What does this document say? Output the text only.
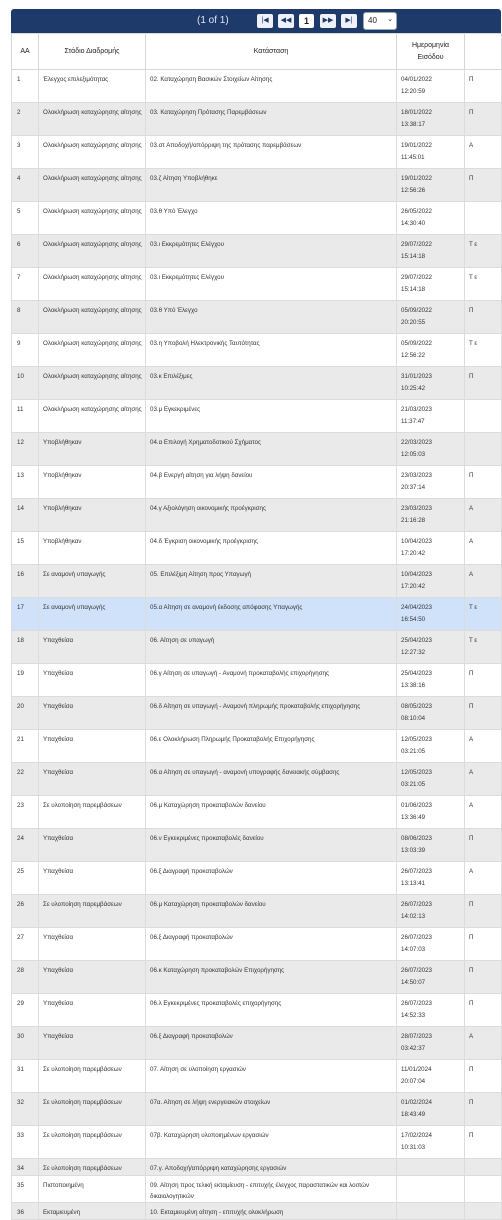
(1 of 1)	|◀	◀◀	1	▶▶	▶|	40 ⌄
ΑΑ	Στάδιο Διαδρομής	Κατάσταση	Ημερομηνία Εισόδου	
1	Έλεγχος επιλεξιμότητας	02. Καταχώρηση Βασικών Στοιχείων Αίτησης	04/01/2022
12:20:59	Π
2	Ολοκλήρωση καταχώρησης αίτησης	03. Καταχώρηση Πρότασης Παρεμβάσεων	18/01/2022
13:38:17	Π
3	Ολοκλήρωση καταχώρησης αίτησης	03.στ Αποδοχή/απόρριψη της πρότασης παρεμβάσεων	19/01/2022
11:45:01	Α
4	Ολοκλήρωση καταχώρησης αίτησης	03.ζ Αίτηση Υποβλήθηκε	19/01/2022
12:56:26	Π
5	Ολοκλήρωση καταχώρησης αίτησης	03.θ Υπό Έλεγχο	26/05/2022
14:30:40	

6	Ολοκλήρωση καταχώρησης αίτησης	03.ι Εκκρεμότητες Ελέγχου	29/07/2022
15:14:18	Τ ε
7	Ολοκλήρωση καταχώρησης αίτησης	03.ι Εκκρεμότητες Ελέγχου	29/07/2022
15:14:18	Τ ε
8	Ολοκλήρωση καταχώρησης αίτησης	03.θ Υπό Έλεγχο	05/09/2022
20:20:55	Π
9	Ολοκλήρωση καταχώρησης αίτησης	03.η Υποβολή Ηλεκτρονικής Ταυτότητας	05/09/2022
12:56:22	Τ ε
10	Ολοκλήρωση καταχώρησης αίτησης	03.κ Επιλέξιμες	31/01/2023
10:25:42	Π
11	Ολοκλήρωση καταχώρησης αίτησης	03.μ Εγκεκριμένες	21/03/2023
11:37:47	

12	Υποβλήθηκαν	04.α Επιλογή Χρηματοδοτικού Σχήματος	22/03/2023
12:05:03	

13	Υποβλήθηκαν	04.β Ενεργή αίτηση για λήψη δανείου	23/03/2023
20:37:14	Π
14	Υποβλήθηκαν	04.γ Αξιολόγηση οικονομικής προέγκρισης	23/03/2023
21:16:28	Α
15	Υποβλήθηκαν	04.δ Έγκριση οικονομικής προέγκρισης	10/04/2023
17:20:42	Α
16	Σε αναμονή υπαγωγής	05. Επιλέξιμη Αίτηση προς Υπαγωγή	10/04/2023
17:20:42	Α
17	Σε αναμονή υπαγωγής	05.α Αίτηση σε αναμονή έκδοσης απόφασης Υπαγωγής	24/04/2023
16:54:50	Τ ε
18	Υπαχθείσα	06. Αίτηση σε υπαγωγή	25/04/2023
12:27:32	Τ ε
19	Υπαχθείσα	06.γ Αίτηση σε υπαγωγή - Αναμονή προκαταβολής επιχορήγησης	25/04/2023
13:38:16	Π
20	Υπαχθείσα	06.δ Αίτηση σε υπαγωγή - Αναμονή πληρωμής προκαταβολής επιχορήγησης	08/05/2023
08:10:04	Π
21	Υπαχθείσα	06.ε Ολοκλήρωση Πληρωμής Προκαταβολής Επιχορήγησης	12/05/2023
03:21:05	Α
22	Υπαχθείσα	06.α Αίτηση σε υπαγωγή - αναμονή υπογραφής δανειακής σύμβασης	12/05/2023
03:21:05	Α
23	Σε υλοποίηση παρεμβάσεων	06.μ Καταχώρηση προκαταβολών δανείου	01/06/2023
13:36:49	Α
24	Υπαχθείσα	06.ν Εγκεκριμένες προκαταβολές δανείου	08/06/2023
13:03:39	Π
25	Υπαχθείσα	06.ξ Διαγραφή προκαταβολών	26/07/2023
13:13:41	Α
26	Σε υλοποίηση παρεμβάσεων	06.μ Καταχώρηση προκαταβολών δανείου	26/07/2023
14:02:13	Π
27	Υπαχθείσα	06.ξ Διαγραφή προκαταβολών	26/07/2023
14:07:03	Π
28	Υπαχθείσα	06.κ Καταχώρηση προκαταβολών Επιχορήγησης	26/07/2023
14:50:07	Π
29	Υπαχθείσα	06.λ Εγκεκριμένες προκαταβολές επιχορήγησης	26/07/2023
14:52:33	Π
30	Υπαχθείσα	06.ξ Διαγραφή προκαταβολών	28/07/2023
03:42:37	Α
31	Σε υλοποίηση παρεμβάσεων	07. Αίτηση σε υλοποίηση εργασιών	11/01/2024
20:07:04	Π
32	Σε υλοποίηση παρεμβάσεων	07α. Αίτηση σε λήψη ενεργειακών στοιχείων	01/02/2024
18:43:49	Π
33	Σε υλοποίηση παρεμβάσεων	07β. Καταχώρηση υλοποιημένων εργασιών	17/02/2024
10:31:03	Π
34	Σε υλοποίηση παρεμβάσεων	07.γ. Αποδοχή/απόρριψη καταχώρησης εργασιών	

35	Πιστοποιημένη	09. Αίτηση προς τελική εκταμίευση - επιτυχής έλεγχος παραστατικών και λοιπών δικαιολογητικών	

36	Εκταμιευμένη	10. Εκταμιευμένη αίτηση - επιτυχής ολοκλήρωση	
